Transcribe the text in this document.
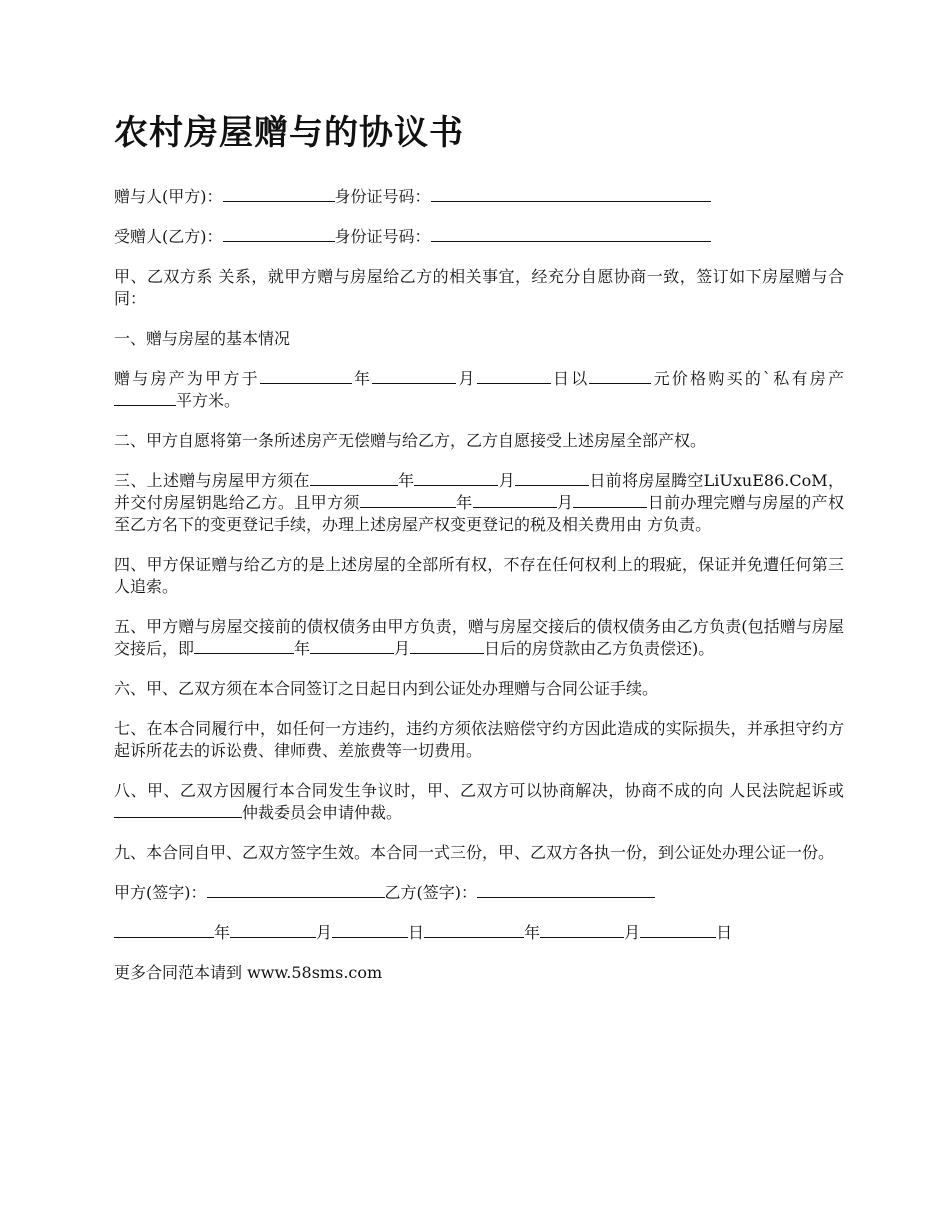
农村房屋赠与的协议书

赠与人(甲方)：	身份证号码：

受赠人(乙方)：	身份证号码：

甲、乙双方系 关系，就甲方赠与房屋给乙方的相关事宜，经充分自愿协商一致，签订如下房屋赠与合同：

一、赠与房屋的基本情况

赠与房产为甲方于	年	月	日以	元价格购买的`私有房产平方米。

二、甲方自愿将第一条所述房产无偿赠与给乙方，乙方自愿接受上述房屋全部产权。

三、上述赠与房屋甲方须在	年	月	日前将房屋腾空LiUxuE86.CoM，并交付房屋钥匙给乙方。且甲方须	年	月	日前办理完赠与房屋的产权至乙方名下的变更登记手续，办理上述房屋产权变更登记的税及相关费用由 方负责。

四、甲方保证赠与给乙方的是上述房屋的全部所有权，不存在任何权利上的瑕疵，保证并免遭任何第三人追索。

五、甲方赠与房屋交接前的债权债务由甲方负责，赠与房屋交接后的债权债务由乙方负责(包括赠与房屋交接后，即	年	月	日后的房贷款由乙方负责偿还)。

六、甲、乙双方须在本合同签订之日起日内到公证处办理赠与合同公证手续。

七、在本合同履行中，如任何一方违约，违约方须依法赔偿守约方因此造成的实际损失，并承担守约方起诉所花去的诉讼费、律师费、差旅费等一切费用。

八、甲、乙双方因履行本合同发生争议时，甲、乙双方可以协商解决，协商不成的向 人民法院起诉或仲裁委员会申请仲裁。

九、本合同自甲、乙双方签字生效。本合同一式三份，甲、乙双方各执一份，到公证处办理公证一份。

甲方(签字)：	乙方(签字)：

年	月	日	年	月	日

更多合同范本请到 www.58sms.com
